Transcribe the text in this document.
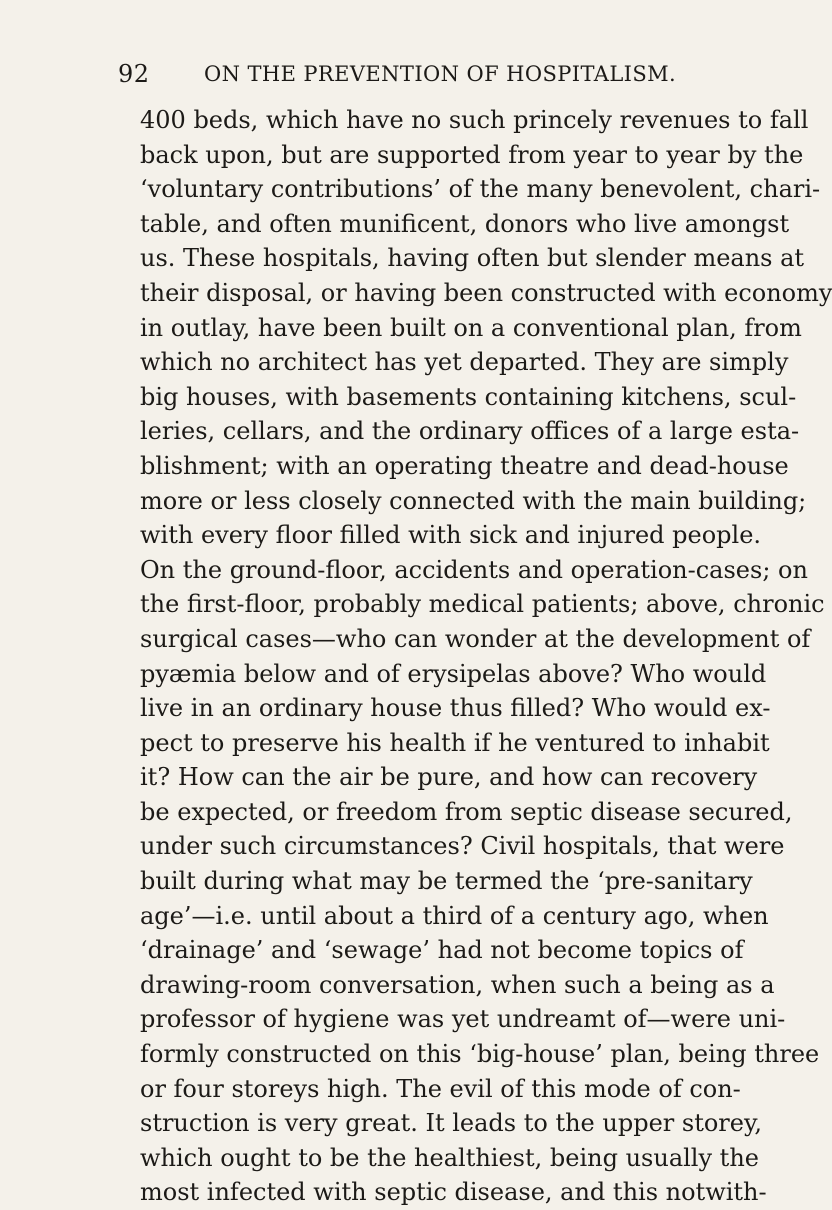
92	ON THE PREVENTION OF HOSPITALISM.
400 beds, which have no such princely revenues to fall
back upon, but are supported from year to year by the
‘voluntary contributions’ of the many benevolent, chari-
table, and often munificent, donors who live amongst
us. These hospitals, having often but slender means at
their disposal, or having been constructed with economy
in outlay, have been built on a conventional plan, from
which no architect has yet departed. They are simply
big houses, with basements containing kitchens, scul-
leries, cellars, and the ordinary offices of a large esta-
blishment; with an operating theatre and dead-house
more or less closely connected with the main building;
with every floor filled with sick and injured people.
On the ground-floor, accidents and operation-cases; on
the first-floor, probably medical patients; above, chronic
surgical cases—who can wonder at the development of
pyæmia below and of erysipelas above? Who would
live in an ordinary house thus filled? Who would ex-
pect to preserve his health if he ventured to inhabit
it? How can the air be pure, and how can recovery
be expected, or freedom from septic disease secured,
under such circumstances? Civil hospitals, that were
built during what may be termed the ‘pre-sanitary
age’—i.e. until about a third of a century ago, when
‘drainage’ and ‘sewage’ had not become topics of
drawing-room conversation, when such a being as a
professor of hygiene was yet undreamt of—were uni-
formly constructed on this ‘big-house’ plan, being three
or four storeys high. The evil of this mode of con-
struction is very great. It leads to the upper storey,
which ought to be the healthiest, being usually the
most infected with septic disease, and this notwith-
